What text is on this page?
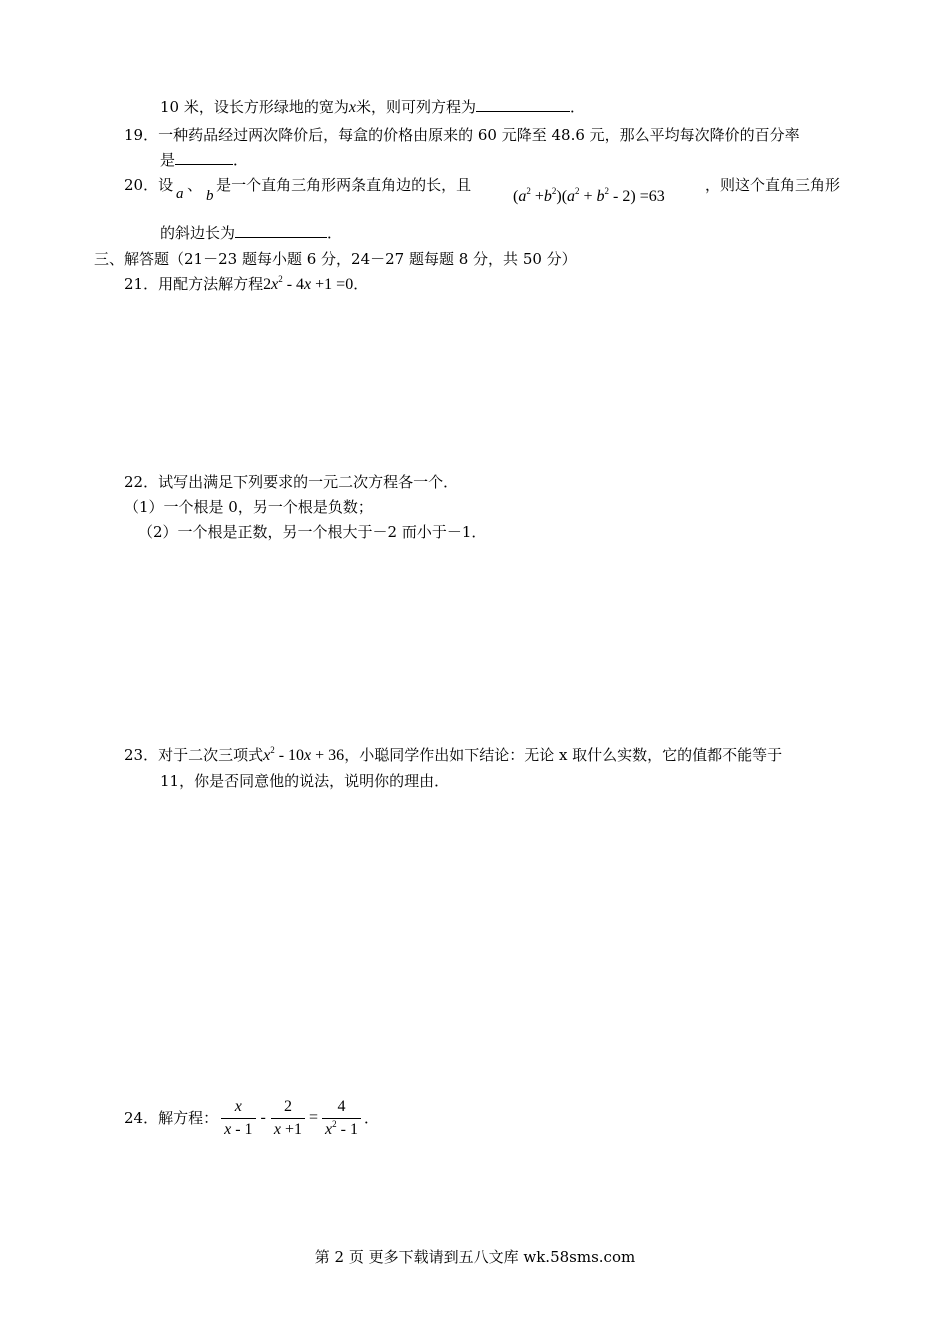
10 米，设长方形绿地的宽为x米，则可列方程为	．
19．一种药品经过两次降价后，每盒的价格由原来的 60 元降至 48.6 元，那么平均每次降价的百分率
是	．
20．设 、 是一个直角三角形两条直角边的长，且
a b	$(a^2 +b^2)(a^2 + b^2 - 2) =63$
，则这个直角三角形
的斜边长为	．
三、解答题（21－23 题每小题 6 分，24－27 题每题 8 分，共 50 分）
21．用配方法解方程$2x^2 - 4x +1 =0$．
22．试写出满足下列要求的一元二次方程各一个．
（1）一个根是 0，另一个根是负数；
（2）一个根是正数，另一个根大于－2 而小于－1．
23．对于二次三项式$x^2 - 10x + 36$，小聪同学作出如下结论：无论 x 取什么实数，它的值都不能等于
11，你是否同意他的说法，说明你的理由．
24． 解方程： $\frac{x}{x - 1} - \frac{2}{x +1} = \frac{4}{x^2 - 1}$ ．
第 2 页 更多下载请到五八文库 wk.58sms.com
